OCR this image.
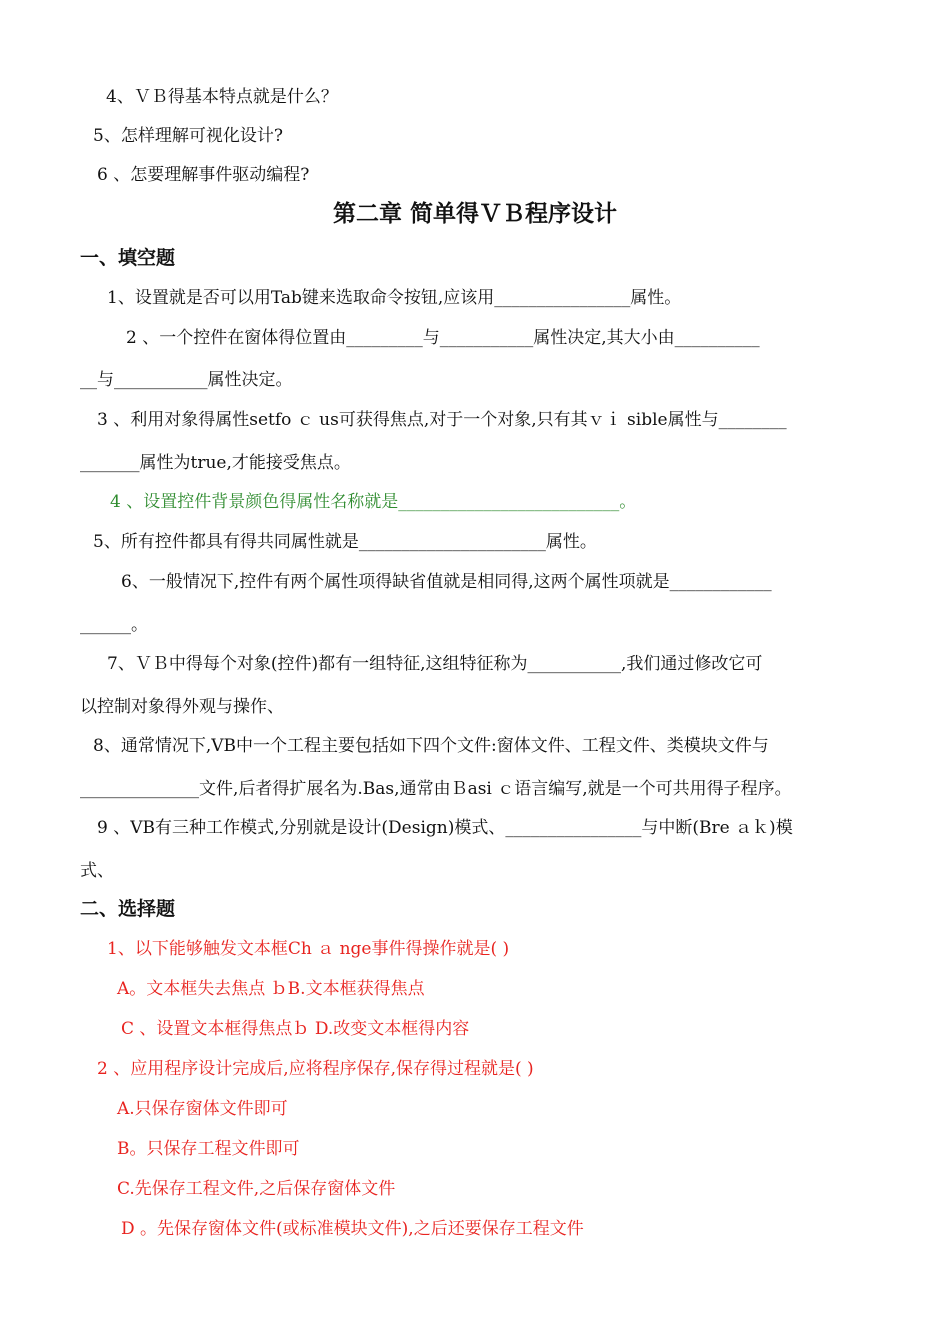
4、ＶＢ得基本特点就是什么？
5、怎样理解可视化设计?
6 、怎要理解事件驱动编程?
第二章 简单得ＶＢ程序设计
一、填空题
1、设置就是否可以用Tab键来选取命令按钮,应该用________________属性。
2 、一个控件在窗体得位置由_________与___________属性决定,其大小由__________
__与___________属性决定。
3 、利用对象得属性setfo ｃ us可获得焦点,对于一个对象,只有其ｖｉ sible属性与________
_______属性为true,才能接受焦点。
4 、设置控件背景颜色得属性名称就是__________________________。
5、所有控件都具有得共同属性就是______________________属性。
6、一般情况下,控件有两个属性项得缺省值就是相同得,这两个属性项就是____________
______。
7、ＶＢ中得每个对象(控件)都有一组特征,这组特征称为___________,我们通过修改它可
以控制对象得外观与操作、
8、通常情况下,VB中一个工程主要包括如下四个文件:窗体文件、工程文件、类模块文件与
______________文件,后者得扩展名为.Bas,通常由Ｂasi ｃ语言编写,就是一个可共用得子程序。
9 、VB有三种工作模式,分别就是设计(Design)模式、________________与中断(Bre ａｋ)模
式、
二、选择题
1、以下能够触发文本框Ch ａ nge事件得操作就是( )
A。文本框失去焦点 ｂB.文本框获得焦点
C 、设置文本框得焦点ｂ D.改变文本框得内容
2 、应用程序设计完成后,应将程序保存,保存得过程就是( )
A.只保存窗体文件即可
B。只保存工程文件即可
C.先保存工程文件,之后保存窗体文件
D 。先保存窗体文件(或标准模块文件),之后还要保存工程文件
